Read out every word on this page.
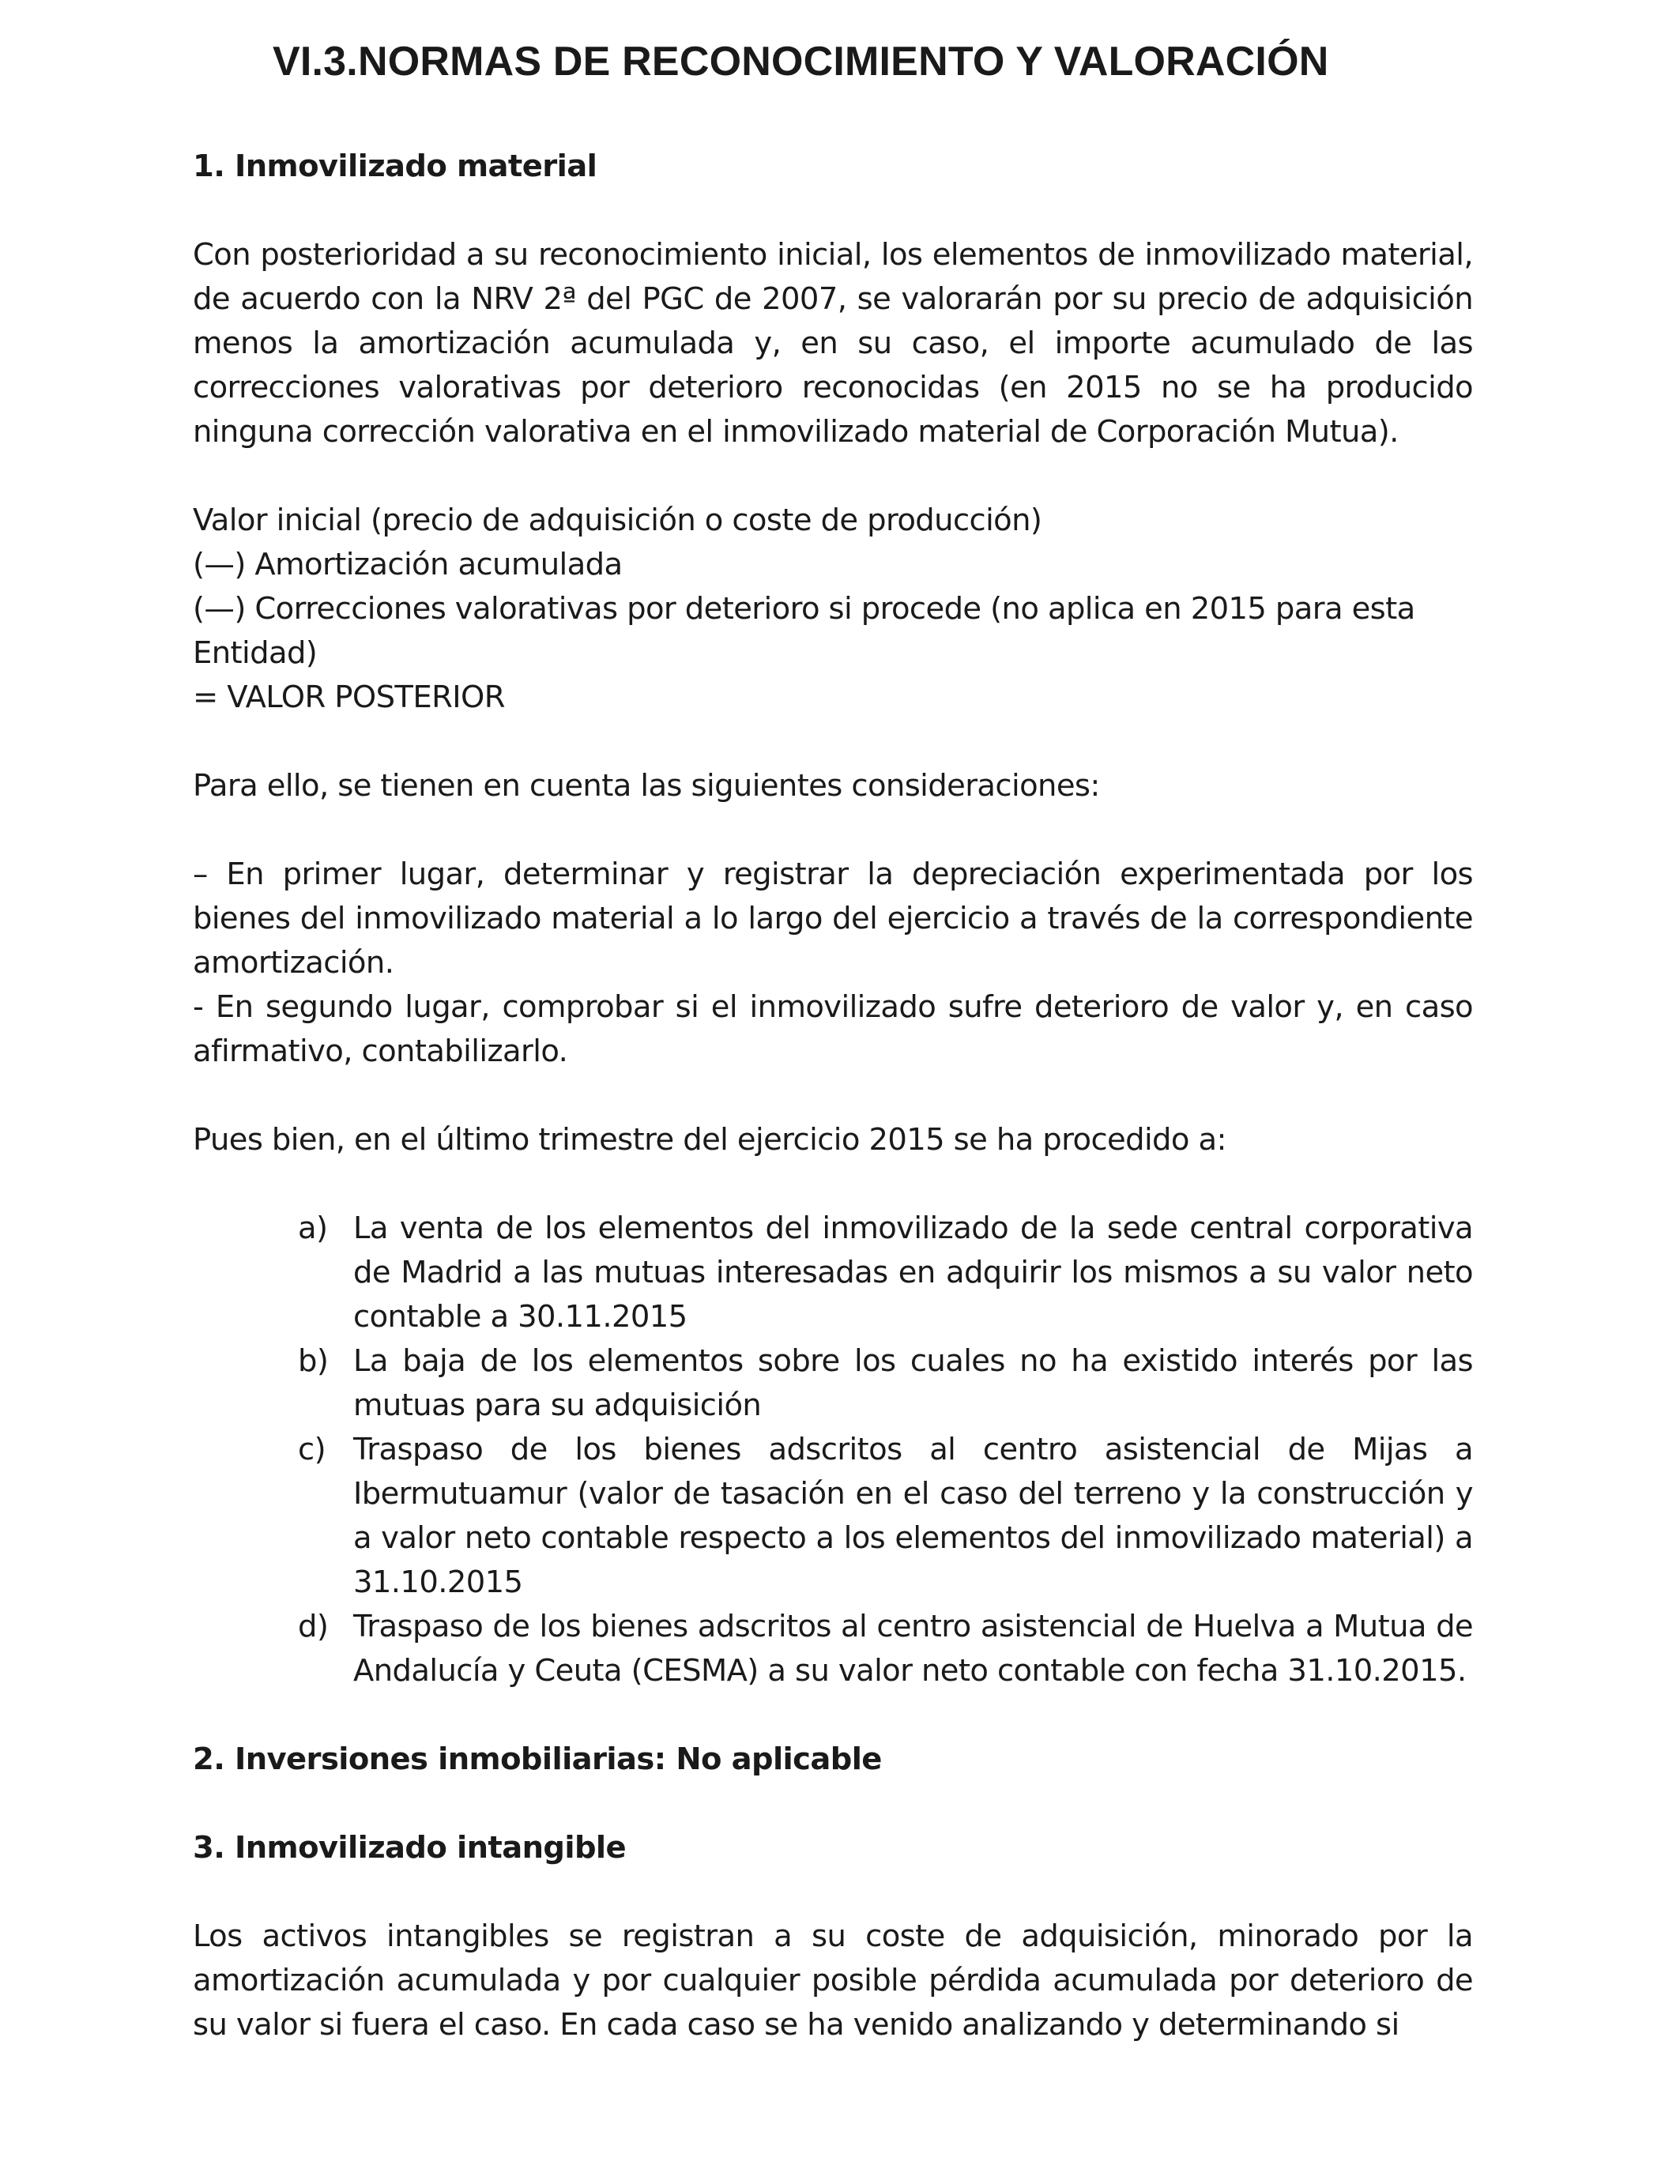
VI.3.NORMAS DE RECONOCIMIENTO Y VALORACIÓN

1. Inmovilizado material

Con posterioridad a su reconocimiento inicial, los elementos de inmovilizado material, de acuerdo con la NRV 2ª del PGC de 2007, se valorarán por su precio de adquisición menos la amortización acumulada y, en su caso, el importe acumulado de las correcciones valorativas por deterioro reconocidas (en 2015 no se ha producido ninguna corrección valorativa en el inmovilizado material de Corporación Mutua).

Valor inicial (precio de adquisición o coste de producción)

(—) Amortización acumulada

(—) Correcciones valorativas por deterioro si procede (no aplica en 2015 para esta Entidad)

= VALOR POSTERIOR

Para ello, se tienen en cuenta las siguientes consideraciones:

– En primer lugar, determinar y registrar la depreciación experimentada por los bienes del inmovilizado material a lo largo del ejercicio a través de la correspondiente amortización.

- En segundo lugar, comprobar si el inmovilizado sufre deterioro de valor y, en caso afirmativo, contabilizarlo.

Pues bien, en el último trimestre del ejercicio 2015 se ha procedido a:

a) La venta de los elementos del inmovilizado de la sede central corporativa de Madrid a las mutuas interesadas en adquirir los mismos a su valor neto contable a 30.11.2015
b) La baja de los elementos sobre los cuales no ha existido interés por las mutuas para su adquisición
c) Traspaso de los bienes adscritos al centro asistencial de Mijas a Ibermutuamur (valor de tasación en el caso del terreno y la construcción y a valor neto contable respecto a los elementos del inmovilizado material) a 31.10.2015
d) Traspaso de los bienes adscritos al centro asistencial de Huelva a Mutua de Andalucía y Ceuta (CESMA) a su valor neto contable con fecha 31.10.2015.

2. Inversiones inmobiliarias: No aplicable

3. Inmovilizado intangible

Los activos intangibles se registran a su coste de adquisición, minorado por la amortización acumulada y por cualquier posible pérdida acumulada por deterioro de su valor si fuera el caso. En cada caso se ha venido analizando y determinando si
